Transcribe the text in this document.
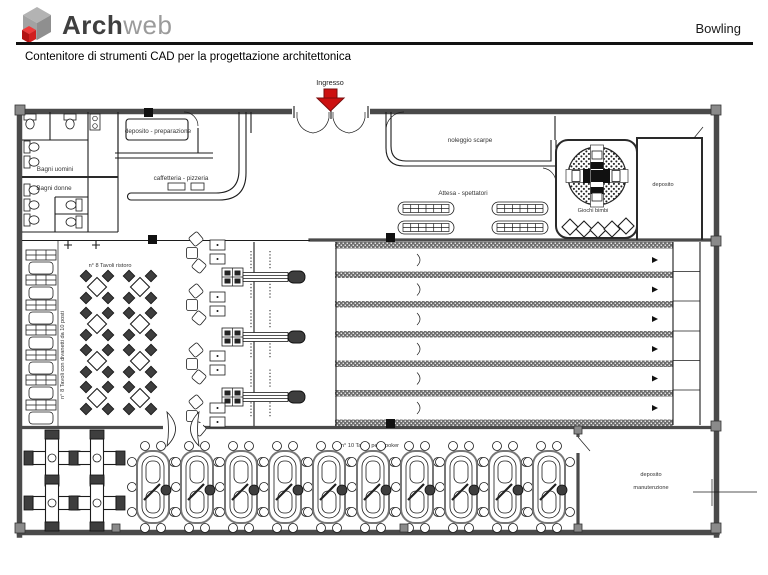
Archweb	Bowling
Contenitore di strumenti CAD per la progettazione architettonica
Ingresso
Bagni uomini
Bagni donne
deposito - preparazione
caffetteria - pizzeria
noleggio scarpe
Attesa - spettatori
Giochi bimbi
deposito
n° 8 Tavoli con divanetti da 10 posti
n° 8 Tavoli ristoro
n° 10 Tavoli per il poker
deposito
manutenzione
